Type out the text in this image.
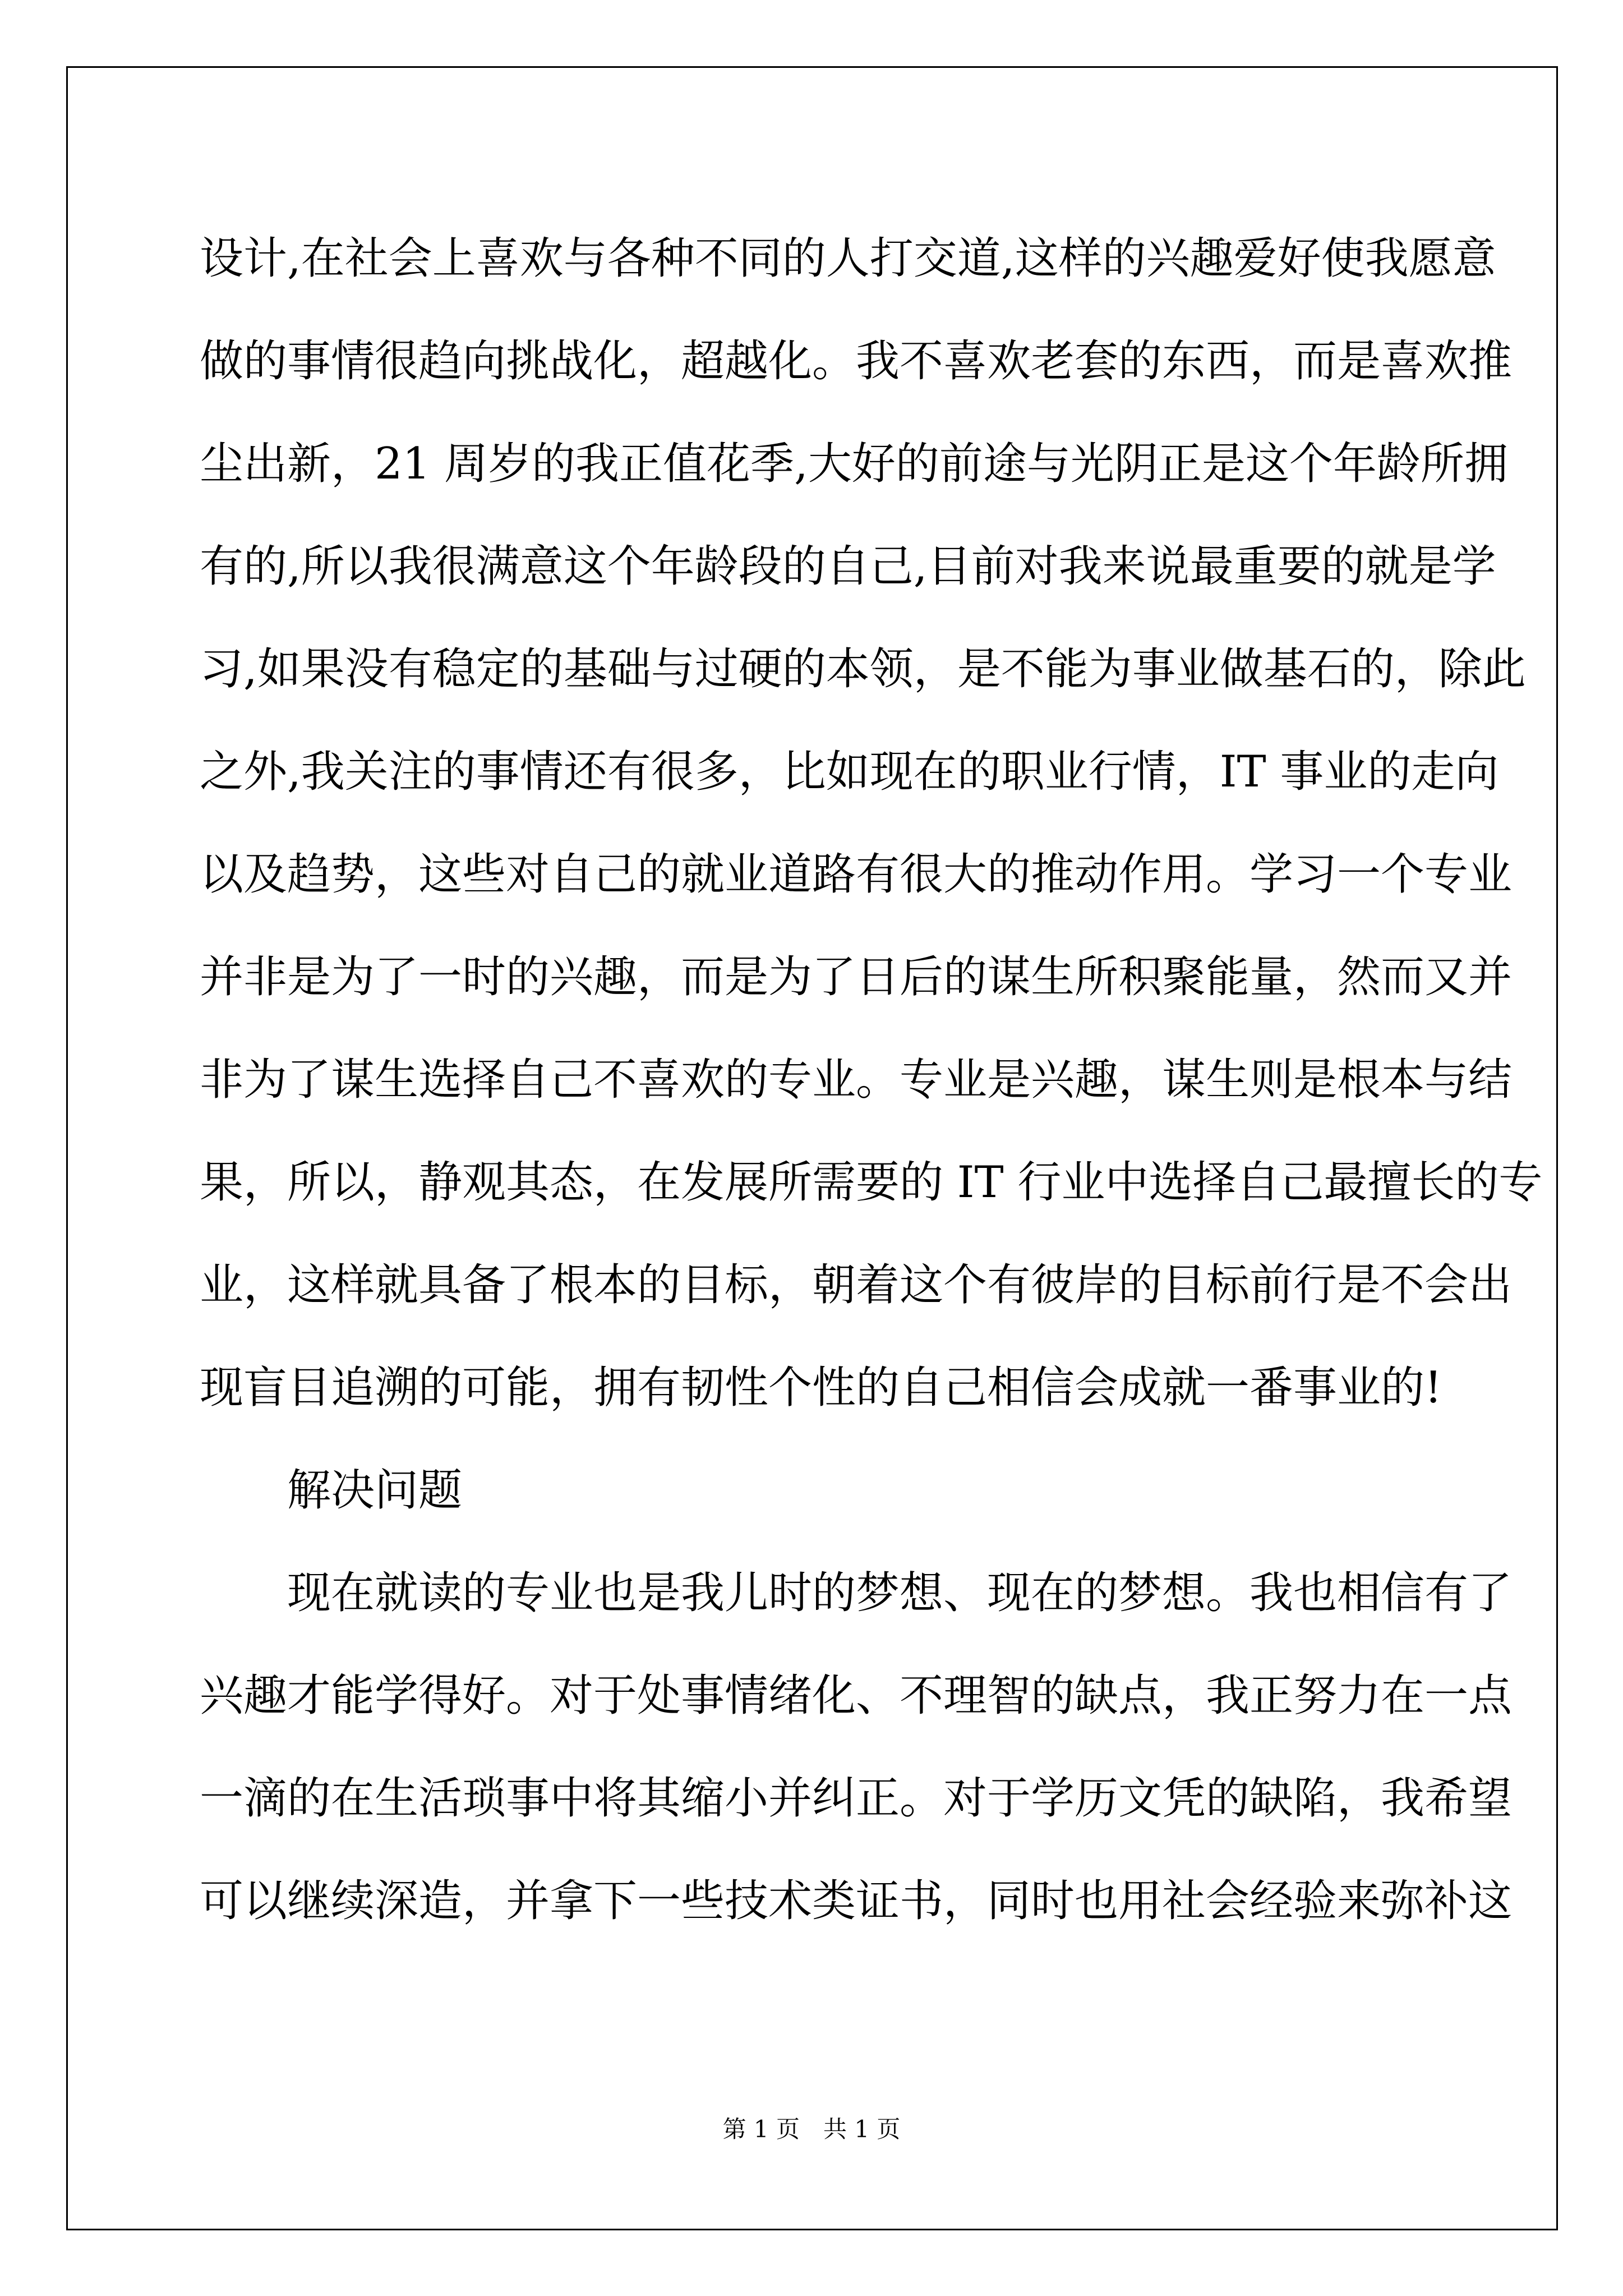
设计,在社会上喜欢与各种不同的人打交道,这样的兴趣爱好使我愿意
做的事情很趋向挑战化，超越化。我不喜欢老套的东西，而是喜欢推
尘出新，21 周岁的我正值花季,大好的前途与光阴正是这个年龄所拥
有的,所以我很满意这个年龄段的自己,目前对我来说最重要的就是学
习,如果没有稳定的基础与过硬的本领，是不能为事业做基石的，除此
之外,我关注的事情还有很多，比如现在的职业行情，IT 事业的走向
以及趋势，这些对自己的就业道路有很大的推动作用。学习一个专业
并非是为了一时的兴趣，而是为了日后的谋生所积聚能量，然而又并
非为了谋生选择自己不喜欢的专业。专业是兴趣，谋生则是根本与结
果，所以，静观其态，在发展所需要的 IT 行业中选择自己最擅长的专
业，这样就具备了根本的目标，朝着这个有彼岸的目标前行是不会出
现盲目追溯的可能，拥有韧性个性的自己相信会成就一番事业的!
解决问题
现在就读的专业也是我儿时的梦想、现在的梦想。我也相信有了
兴趣才能学得好。对于处事情绪化、不理智的缺点，我正努力在一点
一滴的在生活琐事中将其缩小并纠正。对于学历文凭的缺陷，我希望
可以继续深造，并拿下一些技术类证书，同时也用社会经验来弥补这
第 1 页　共 1 页
